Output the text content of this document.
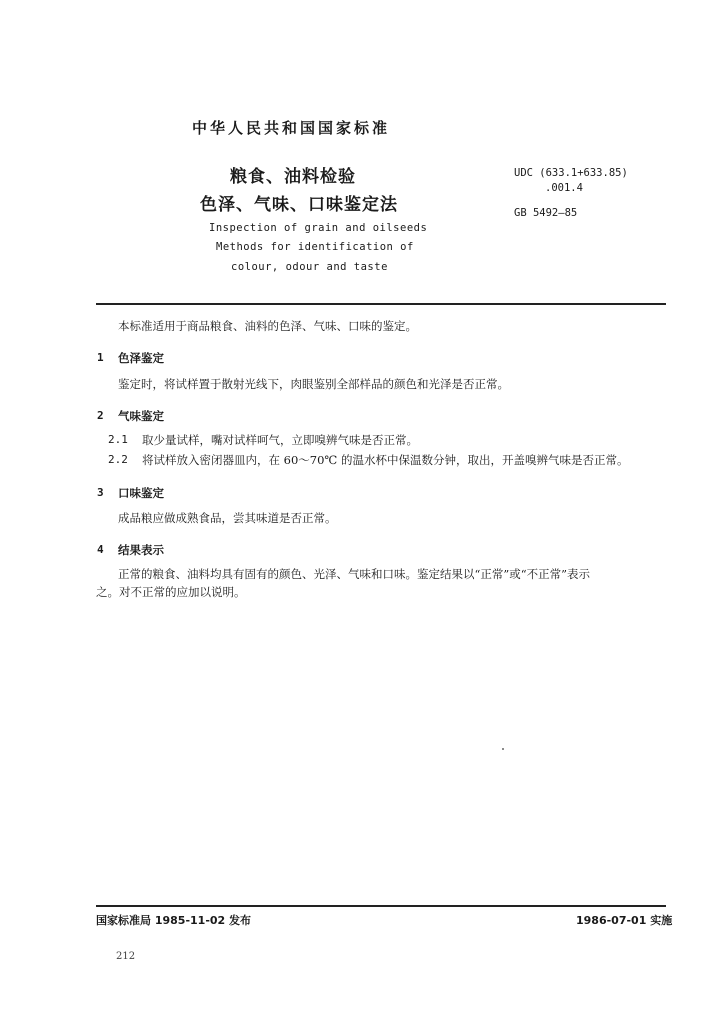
中华人民共和国国家标准
粮食、油料检验
色泽、气味、口味鉴定法
Inspection of grain and oilseeds
Methods for identification of
colour, odour and taste
UDC (633.1+633.85)
.001.4
GB 5492—85
本标准适用于商品粮食、油料的色泽、气味、口味的鉴定。
1 色泽鉴定
鉴定时，将试样置于散射光线下，肉眼鉴别全部样品的颜色和光泽是否正常。
2 气味鉴定
2.1 取少量试样，嘴对试样呵气，立即嗅辨气味是否正常。
2.2 将试样放入密闭器皿内，在 60～70℃ 的温水杯中保温数分钟，取出，开盖嗅辨气味是否正常。
3 口味鉴定
成品粮应做成熟食品，尝其味道是否正常。
4 结果表示
正常的粮食、油料均具有固有的颜色、光泽、气味和口味。鉴定结果以“正常”或“不正常”表示
之。对不正常的应加以说明。
国家标准局 1985-11-02 发布	1986-07-01 实施
212
